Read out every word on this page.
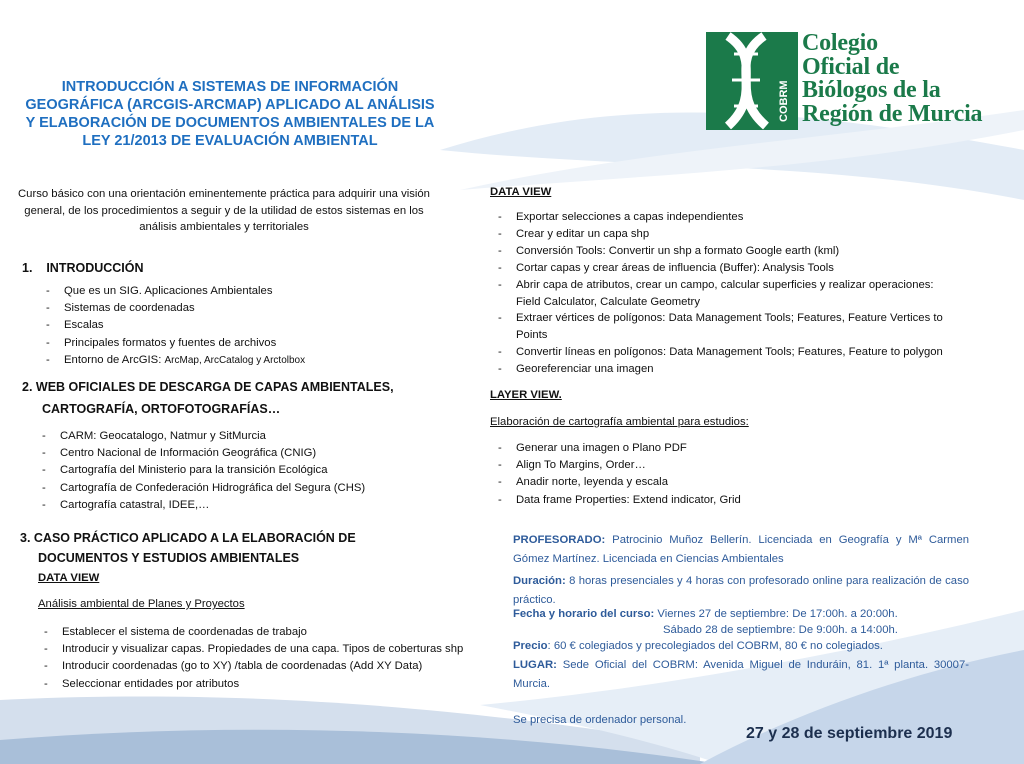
COBRM
Colegio
Oficial de
Biólogos de la
Región de Murcia
INTRODUCCIÓN A SISTEMAS DE INFORMACIÓN GEOGRÁFICA (ARCGIS-ARCMAP) APLICADO AL ANÁLISIS Y ELABORACIÓN DE DOCUMENTOS AMBIENTALES DE LA LEY 21/2013 DE EVALUACIÓN AMBIENTAL
Curso básico con una orientación eminentemente práctica para adquirir una visión general, de los procedimientos a seguir y de la utilidad de estos sistemas en los análisis ambientales y territoriales
1.    INTRODUCCIÓN
- Que es un SIG. Aplicaciones Ambientales
- Sistemas de coordenadas
- Escalas
- Principales formatos y fuentes de archivos
- Entorno de ArcGIS: ArcMap, ArcCatalog y Arctolbox
2. WEB OFICIALES DE DESCARGA DE CAPAS AMBIENTALES,
CARTOGRAFÍA, ORTOFOTOGRAFÍAS…
- CARM: Geocatalogo, Natmur y SitMurcia
- Centro Nacional de Información Geográfica (CNIG)
- Cartografía del Ministerio para la transición Ecológica
- Cartografía de Confederación Hidrográfica del Segura (CHS)
- Cartografía catastral, IDEE,…
3. CASO PRÁCTICO APLICADO A LA ELABORACIÓN DE
DOCUMENTOS Y ESTUDIOS AMBIENTALES
DATA VIEW
Análisis ambiental de Planes y Proyectos
- Establecer el sistema de coordenadas de trabajo
- Introducir y visualizar capas. Propiedades de una capa. Tipos de coberturas shp
- Introducir coordenadas (go to XY) /tabla de coordenadas (Add XY Data)
- Seleccionar entidades por atributos
DATA VIEW
- Exportar selecciones a capas independientes
- Crear y editar un capa shp
- Conversión Tools: Convertir un shp a formato Google earth (kml)
- Cortar capas y crear áreas de influencia (Buffer): Analysis Tools
- Abrir capa de atributos, crear un campo, calcular superficies y realizar operaciones:
Field Calculator, Calculate Geometry
- Extraer vértices de polígonos: Data Management Tools; Features, Feature Vertices to
Points
- Convertir líneas en polígonos: Data Management Tools; Features, Feature to polygon
- Georeferenciar una imagen
LAYER VIEW.
Elaboración de cartografía ambiental para estudios:
- Generar una imagen o Plano PDF
- Align To Margins, Order…
- Anadir norte, leyenda y escala
- Data frame Properties: Extend indicator, Grid
PROFESORADO: Patrocinio Muñoz Bellerín. Licenciada en Geografía y Mª Carmen Gómez Martínez. Licenciada en Ciencias Ambientales
Duración: 8 horas presenciales y 4 horas con profesorado online para realización de caso práctico.
Fecha y horario del curso: Viernes 27 de septiembre: De 17:00h. a 20:00h.
Sábado 28 de septiembre: De 9:00h. a 14:00h.
Precio: 60 € colegiados y precolegiados del COBRM, 80 € no colegiados.
LUGAR: Sede Oficial del COBRM: Avenida Miguel de Induráin, 81. 1ª planta. 30007-Murcia.
Se precisa de ordenador personal.
27 y 28 de septiembre 2019
